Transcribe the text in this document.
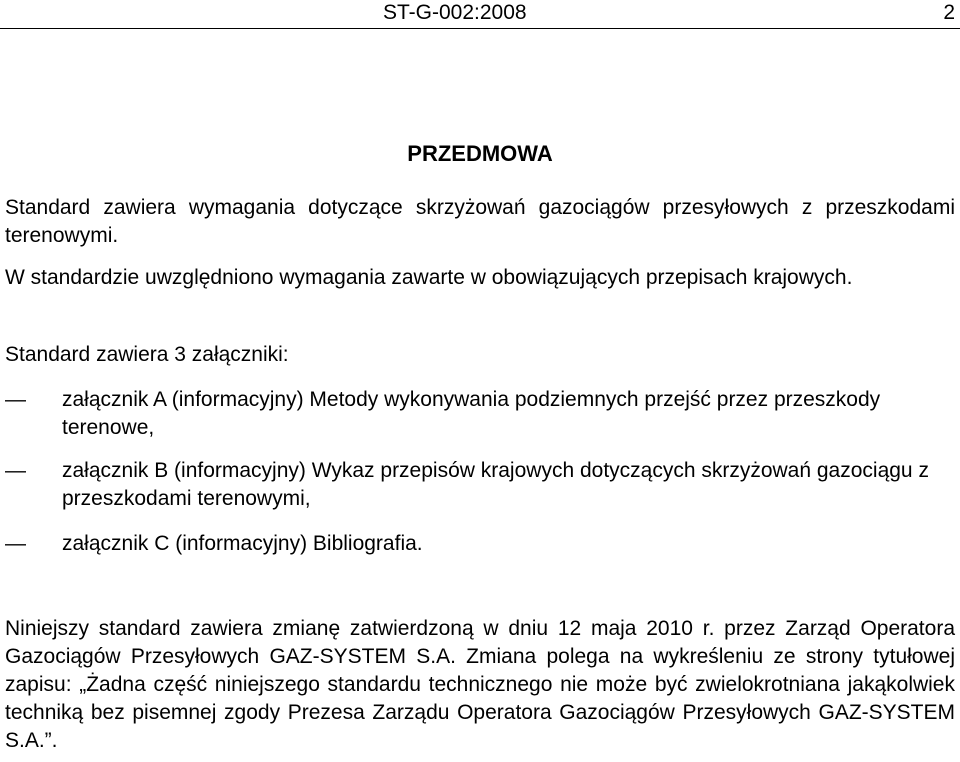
ST-G-002:2008	2
PRZEDMOWA

Standard zawiera wymagania dotyczące skrzyżowań gazociągów przesyłowych z przeszkodami terenowymi.

W standardzie uwzględniono wymagania zawarte w obowiązujących przepisach krajowych.

Standard zawiera 3 załączniki:

—	załącznik A (informacyjny) Metody wykonywania podziemnych przejść przez przeszkody terenowe,
—	załącznik B (informacyjny) Wykaz przepisów krajowych dotyczących skrzyżowań gazociągu z przeszkodami terenowymi,
—	załącznik C (informacyjny) Bibliografia.

Niniejszy standard zawiera zmianę zatwierdzoną w dniu 12 maja 2010 r. przez Zarząd Operatora Gazociągów Przesyłowych GAZ-SYSTEM S.A. Zmiana polega na wykreśleniu ze strony tytułowej zapisu: „Żadna część niniejszego standardu technicznego nie może być zwielokrotniana jakąkolwiek techniką bez pisemnej zgody Prezesa Zarządu Operatora Gazociągów Przesyłowych GAZ-SYSTEM S.A.”.
